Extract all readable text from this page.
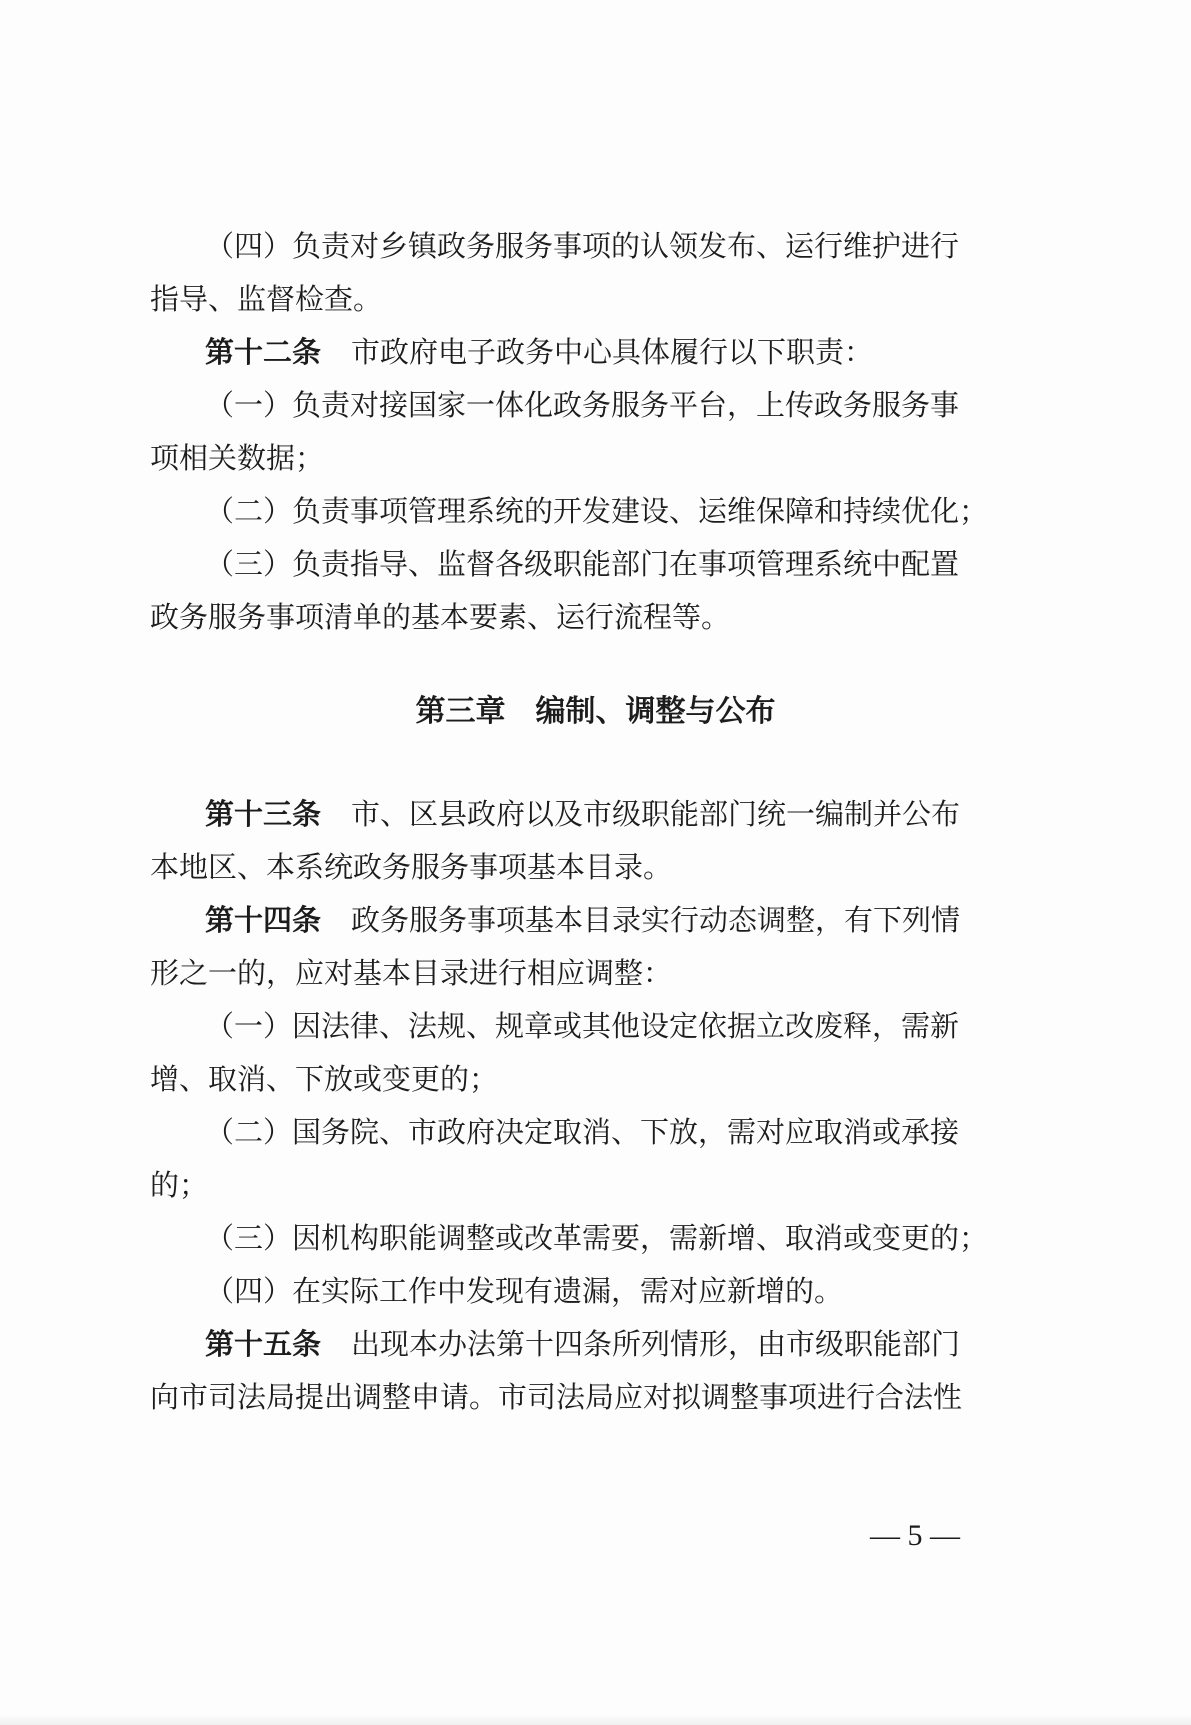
（四）负责对乡镇政务服务事项的认领发布、运行维护进行
指导、监督检查。
第十二条 市政府电子政务中心具体履行以下职责：
（一）负责对接国家一体化政务服务平台，上传政务服务事
项相关数据；
（二）负责事项管理系统的开发建设、运维保障和持续优化；
（三）负责指导、监督各级职能部门在事项管理系统中配置
政务服务事项清单的基本要素、运行流程等。
第三章　编制、调整与公布
第十三条 市、区县政府以及市级职能部门统一编制并公布
本地区、本系统政务服务事项基本目录。
第十四条 政务服务事项基本目录实行动态调整，有下列情
形之一的，应对基本目录进行相应调整：
（一）因法律、法规、规章或其他设定依据立改废释，需新
增、取消、下放或变更的；
（二）国务院、市政府决定取消、下放，需对应取消或承接
的；
（三）因机构职能调整或改革需要，需新增、取消或变更的；
（四）在实际工作中发现有遗漏，需对应新增的。
第十五条 出现本办法第十四条所列情形，由市级职能部门
向市司法局提出调整申请。市司法局应对拟调整事项进行合法性
— 5 —
